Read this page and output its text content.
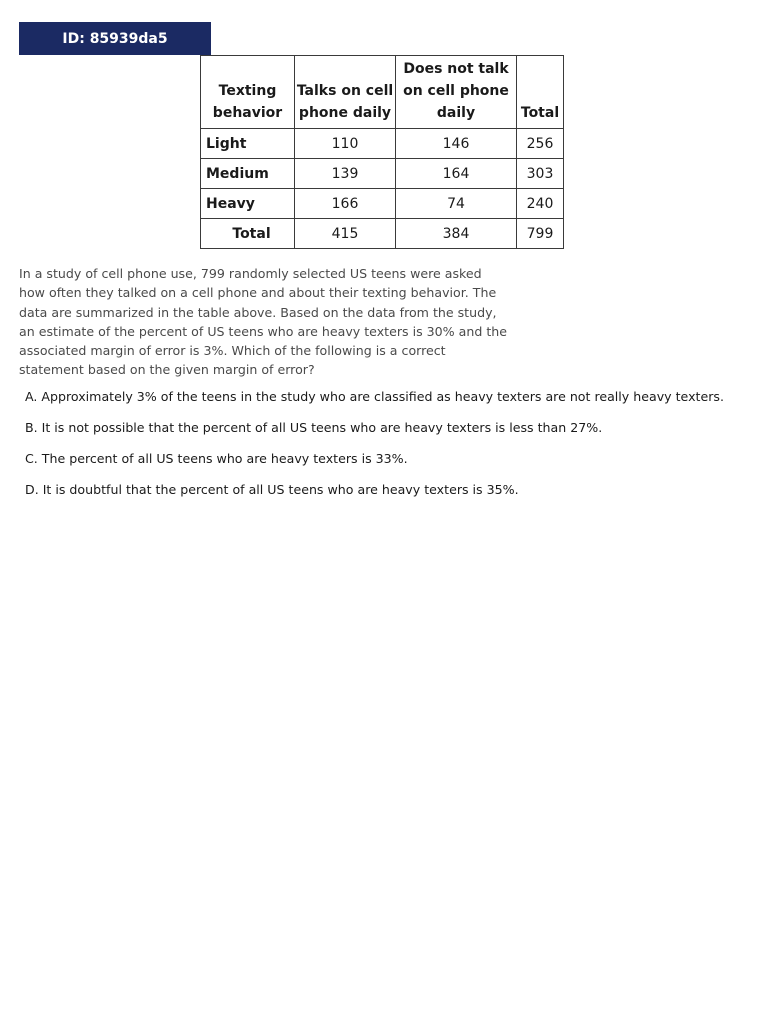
ID: 85939da5
Texting behavior	Talks on cell phone daily	Does not talk on cell phone daily	Total
Light	110	146	256
Medium	139	164	303
Heavy	166	74	240
Total	415	384	799

In a study of cell phone use, 799 randomly selected US teens were asked how often they talked on a cell phone and about their texting behavior. The data are summarized in the table above. Based on the data from the study, an estimate of the percent of US teens who are heavy texters is 30% and the associated margin of error is 3%. Which of the following is a correct statement based on the given margin of error?

A. Approximately 3% of the teens in the study who are classified as heavy texters are not really heavy texters.
B. It is not possible that the percent of all US teens who are heavy texters is less than 27%.
C. The percent of all US teens who are heavy texters is 33%.
D. It is doubtful that the percent of all US teens who are heavy texters is 35%.
